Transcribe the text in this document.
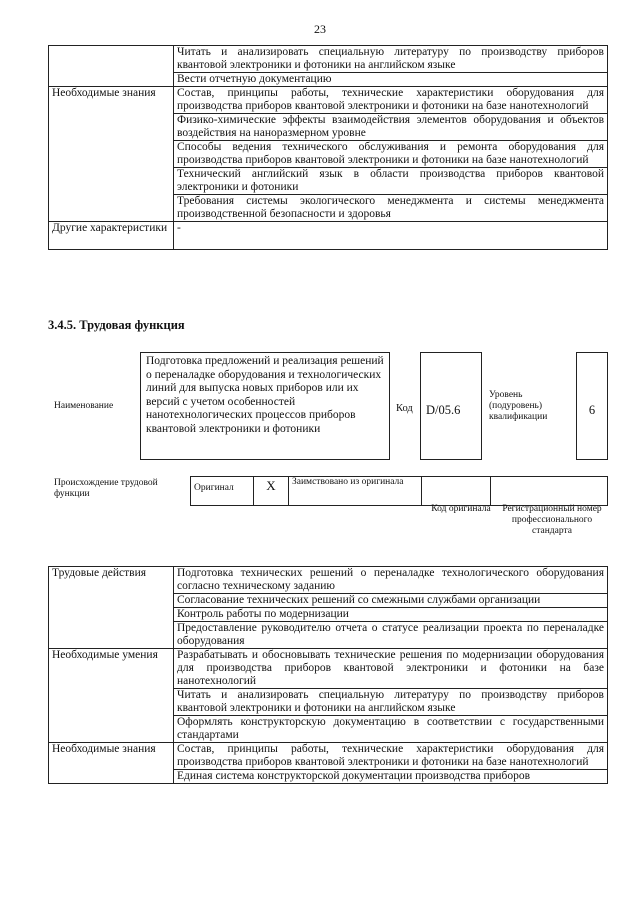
23
	Читать и анализировать специальную литературу по производству приборов квантовой электроники и фотоники на английском языке
	Вести отчетную документацию
Необходимые знания	Состав, принципы работы, технические характеристики оборудования для производства приборов квантовой электроники и фотоники на базе нанотехнологий
	Физико-химические эффекты взаимодействия элементов оборудования и объектов воздействия на наноразмерном уровне
	Способы ведения технического обслуживания и ремонта оборудования для производства приборов квантовой электроники и фотоники на базе нанотехнологий
	Технический английский язык в области производства приборов квантовой электроники и фотоники
	Требования системы экологического менеджмента и системы менеджмента производственной безопасности и здоровья
Другие характеристики	-
3.4.5. Трудовая функция
Наименование
Подготовка предложений и реализация решений о переналадке оборудования и технологических линий для выпуска новых приборов или их версий с учетом особенностей нанотехнологических процессов приборов квантовой электроники и фотоники
Код	D/05.6
Уровень (подуровень) квалификации	6
Происхождение трудовой функции
Оригинал	X	Заимствовано из оригинала		
Код оригинала	Регистрационный номер профессионального стандарта
Трудовые действия	Подготовка технических решений о переналадке технологического оборудования согласно техническому заданию
	Согласование технических решений со смежными службами организации
	Контроль работы по модернизации
	Предоставление руководителю отчета о статусе реализации проекта по переналадке оборудования
Необходимые умения	Разрабатывать и обосновывать технические решения по модернизации оборудования для производства приборов квантовой электроники и фотоники на базе нанотехнологий
	Читать и анализировать специальную литературу по производству приборов квантовой электроники и фотоники на английском языке
	Оформлять конструкторскую документацию в соответствии с государственными стандартами
Необходимые знания	Состав, принципы работы, технические характеристики оборудования для производства приборов квантовой электроники и фотоники на базе нанотехнологий
	Единая система конструкторской документации производства приборов
